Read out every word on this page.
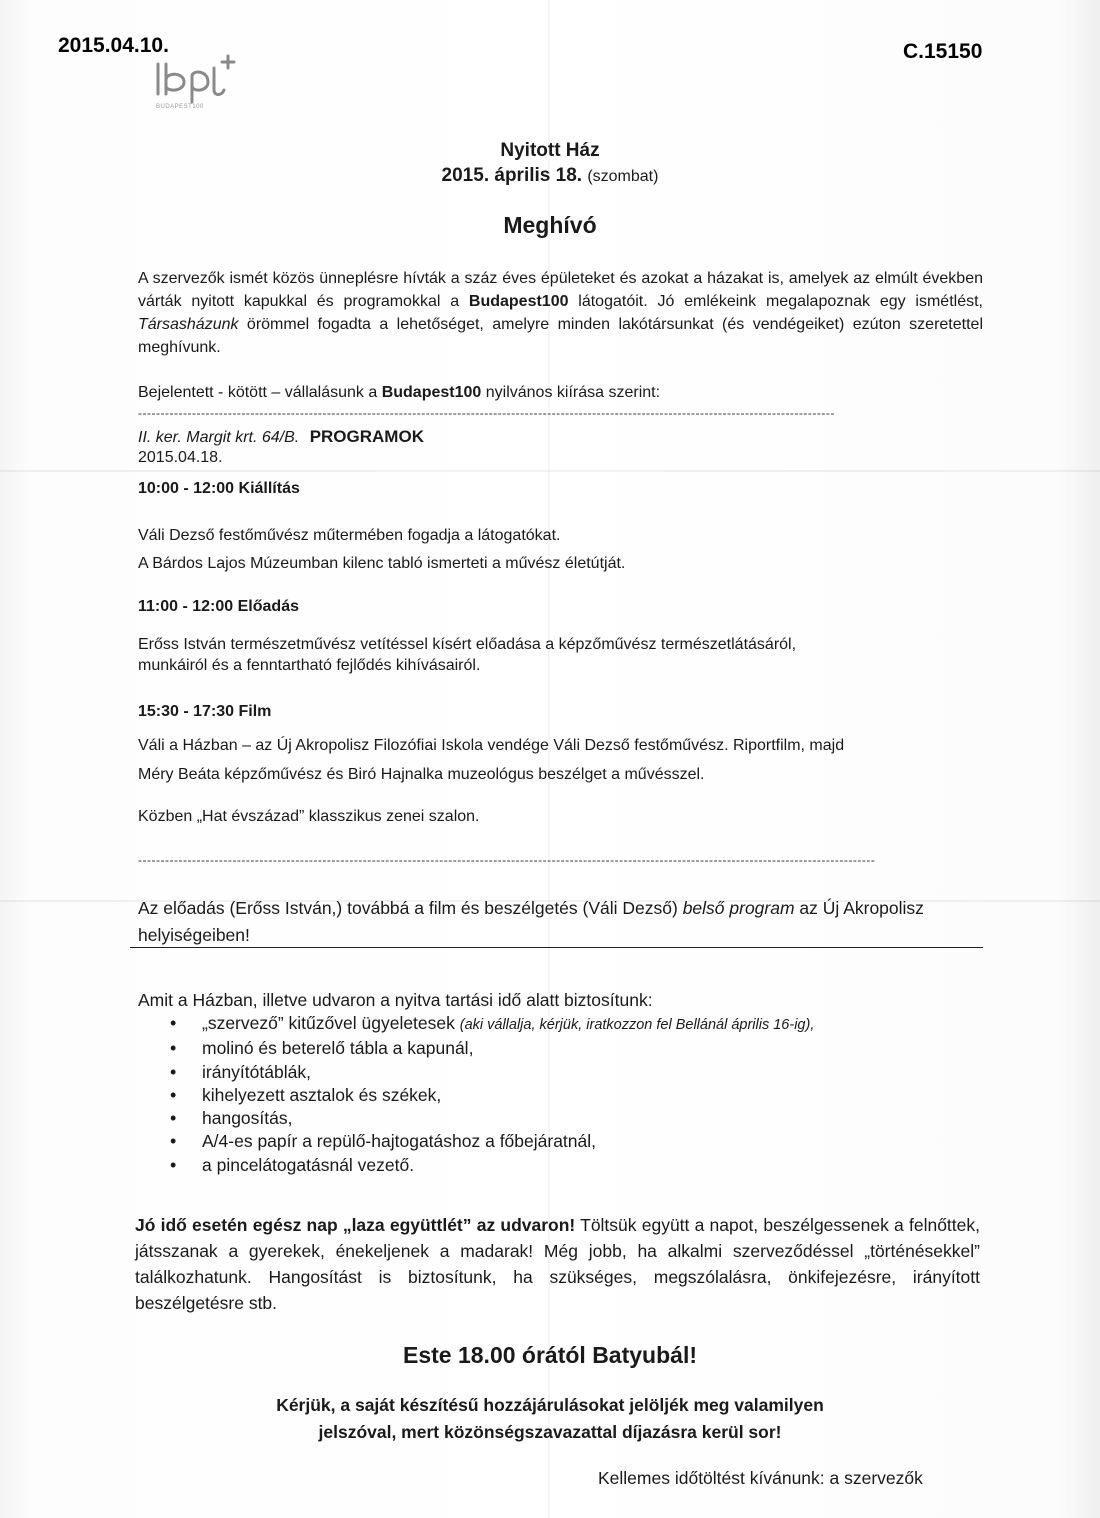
2015.04.10.	C.15150
BUDAPEST100
Nyitott Ház
2015. április 18. (szombat)
Meghívó
A szervezők ismét közös ünneplésre hívták a száz éves épületeket és azokat a házakat is, amelyek az elmúlt években várták nyitott kapukkal és programokkal a Budapest100 látogatóit. Jó emlékeink megalapoznak egy ismétlést, Társasházunk örömmel fogadta a lehetőséget, amelyre minden lakótársunkat (és vendégeiket) ezúton szeretettel meghívunk.
Bejelentett - kötött – vállalásunk a Budapest100 nyilvános kiírása szerint:
-----------------------------------------------------------------------------------------------------------------------------------------------------------
II. ker. Margit krt. 64/B. PROGRAMOK
2015.04.18.
10:00 - 12:00 Kiállítás
Váli Dezső festőművész műtermében fogadja a látogatókat.
A Bárdos Lajos Múzeumban kilenc tabló ismerteti a művész életútját.
11:00 - 12:00 Előadás
Erőss István természetművész vetítéssel kísért előadása a képzőművész természetlátásáról,
munkáiról és a fenntartható fejlődés kihívásairól.
15:30 - 17:30 Film
Váli a Házban – az Új Akropolisz Filozófiai Iskola vendége Váli Dezső festőművész. Riportfilm, majd
Méry Beáta képzőművész és Biró Hajnalka muzeológus beszélget a művésszel.
Közben „Hat évszázad” klasszikus zenei szalon.
--------------------------------------------------------------------------------------------------------------------------------------------------------------------
Az előadás (Erőss István,) továbbá a film és beszélgetés (Váli Dezső) belső program az Új Akropolisz helyiségeiben!
Amit a Házban, illetve udvaron a nyitva tartási idő alatt biztosítunk:
• „szervező” kitűzővel ügyeletesek (aki vállalja, kérjük, iratkozzon fel Bellánál április 16-ig),
• molinó és beterelő tábla a kapunál,
• irányítótáblák,
• kihelyezett asztalok és székek,
• hangosítás,
• A/4-es papír a repülő-hajtogatáshoz a főbejáratnál,
• a pincelátogatásnál vezető.
Jó idő esetén egész nap „laza együttlét” az udvaron! Töltsük együtt a napot, beszélgessenek a felnőttek, játsszanak a gyerekek, énekeljenek a madarak! Még jobb, ha alkalmi szerveződéssel „történésekkel” találkozhatunk. Hangosítást is biztosítunk, ha szükséges, megszólalásra, önkifejezésre, irányított beszélgetésre stb.
Este 18.00 órától Batyubál!
Kérjük, a saját készítésű hozzájárulásokat jelöljék meg valamilyen jelszóval, mert közönségszavazattal díjazásra kerül sor!
Kellemes időtöltést kívánunk: a szervezők
